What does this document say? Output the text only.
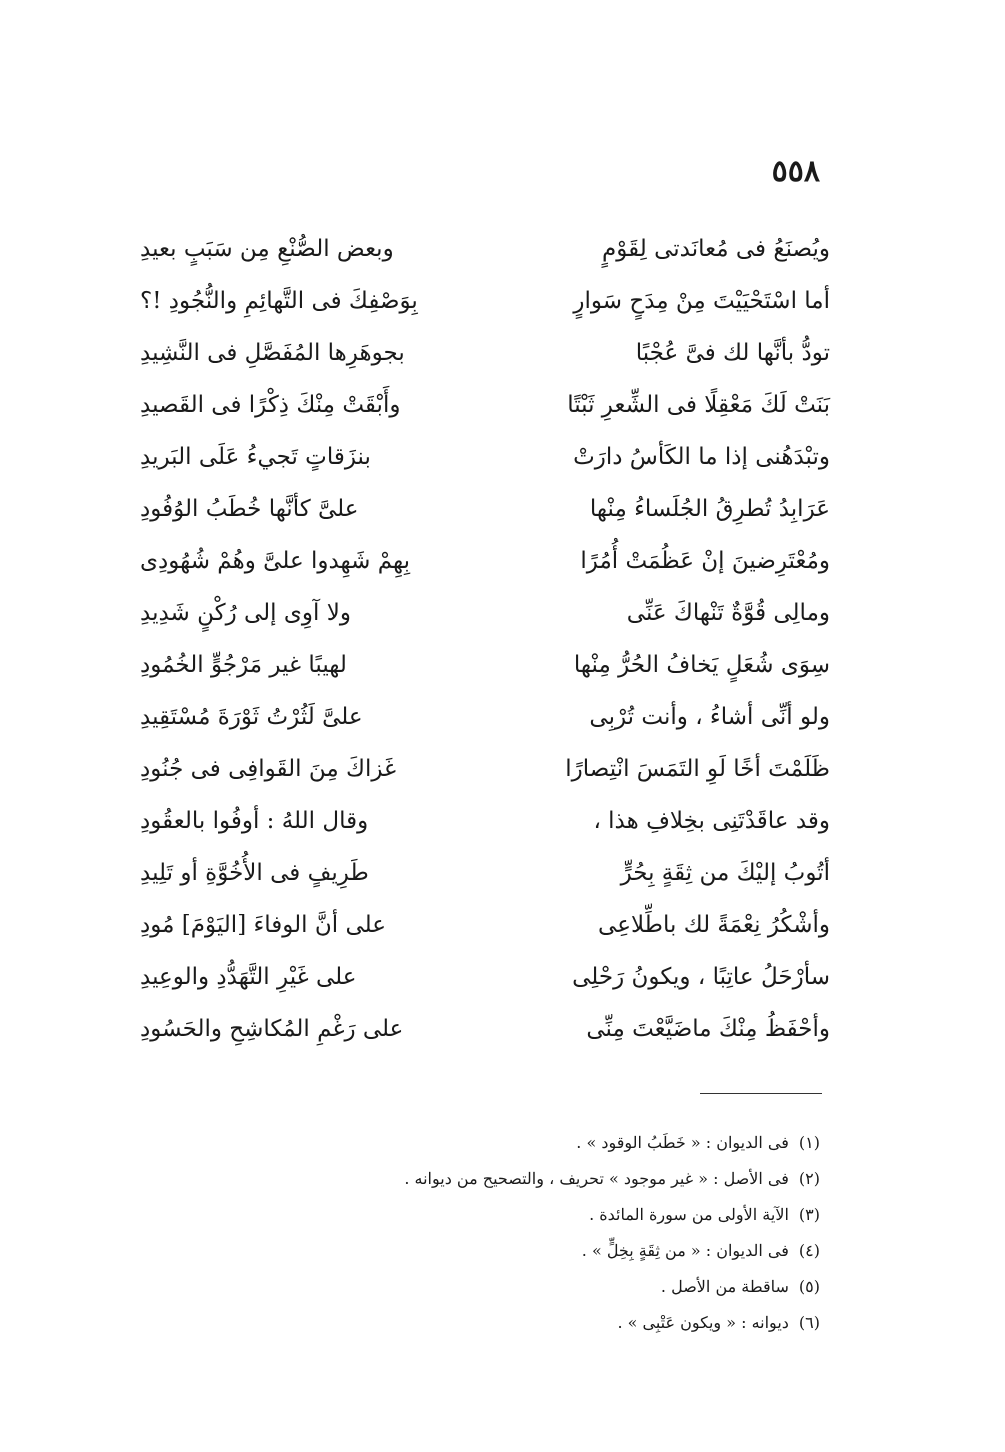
٥٥٨
ويُصنَعُ فى مُعانَدتى لِقَوْمٍ
وبعض الصُّنْعِ مِن سَبَبٍ بعيدِ
أما اسْتَحْيَيْتَ مِنْ مِدَحٍ سَوارٍ
بِوَصْفِكَ فى التَّهائِمِ والنُّجُودِ !؟
تودُّ بأنَّها لك فىَّ عُجْبًا
بجوهَرِها المُفَصَّلِ فى النَّشِيدِ
بَنَتْ لَكَ مَعْقِلًا فى الشِّعرِ ثَبْتًا
وأَبْقَتْ مِنْكَ ذِكْرًا فى القَصيدِ
وتبْدَهُنى إذا ما الكَأسُ دارَتْ
بنزَقاتٍ تَجيءُ عَلَى البَريدِ
عَرَابِدُ تُطرِقُ الجُلَساءُ مِنْها
علىَّ كأنَّها خُطَبُ الوُفُودِ
ومُعْتَرِضينَ إنْ عَظُمَتْ أُمُرًا
بِهِمْ شَهِدوا علىَّ وهُمْ شُهُودِى
ومالِى قُوَّةٌ تَنْهاكَ عَنِّى
ولا آوِى إلى رُكْنٍ شَدِيدِ
سِوَى شُعَلٍ يَخافُ الحُرُّ مِنْها
لهيبًا غير مَرْجُوٍّ الخُمُودِ
ولو أنِّى أشاءُ ، وأنت تُرْبِى
علىَّ لَثُرْتُ ثَوْرَةَ مُسْتَقِيدِ
ظَلَمْتَ أخًا لَوِ التَمَسَ انْتِصارًا
غَزاكَ مِنَ القَوافِى فى جُنُودِ
وقد عاقَدْتَنِى بخِلافِ هذا ،
وقال اللهُ : أوفُوا بالعقُودِ
أتُوبُ إليْكَ من ثِقَةٍ بِحُرٍّ
طَرِيفٍ فى الأُخُوَّةِ أو تَلِيدِ
وأشْكُرُ نِعْمَةً لك باطِّلاعِى
على أنَّ الوفاءَ [اليَوْمَ] مُودِ
سأرْحَلُ عاتِبًا ، ويكونُ رَحْلِى
على غَيْرِ التَّهَدُّدِ والوعِيدِ
وأحْفَظُ مِنْكَ ماضَيَّعْتَ مِنِّى
على رَغْمِ المُكاشِحِ والحَسُودِ
(١)
فى الديوان : « خَطَبُ الوقود » .
(٢)
فى الأصل : « غير موجود » تحريف ، والتصحيح من ديوانه .
(٣)
الآية الأولى من سورة المائدة .
(٤)
فى الديوان : « من ثِقَةٍ بِخِلٍّ » .
(٥)
ساقطة من الأصل .
(٦)
ديوانه : « ويكون عَتْبِى » .
